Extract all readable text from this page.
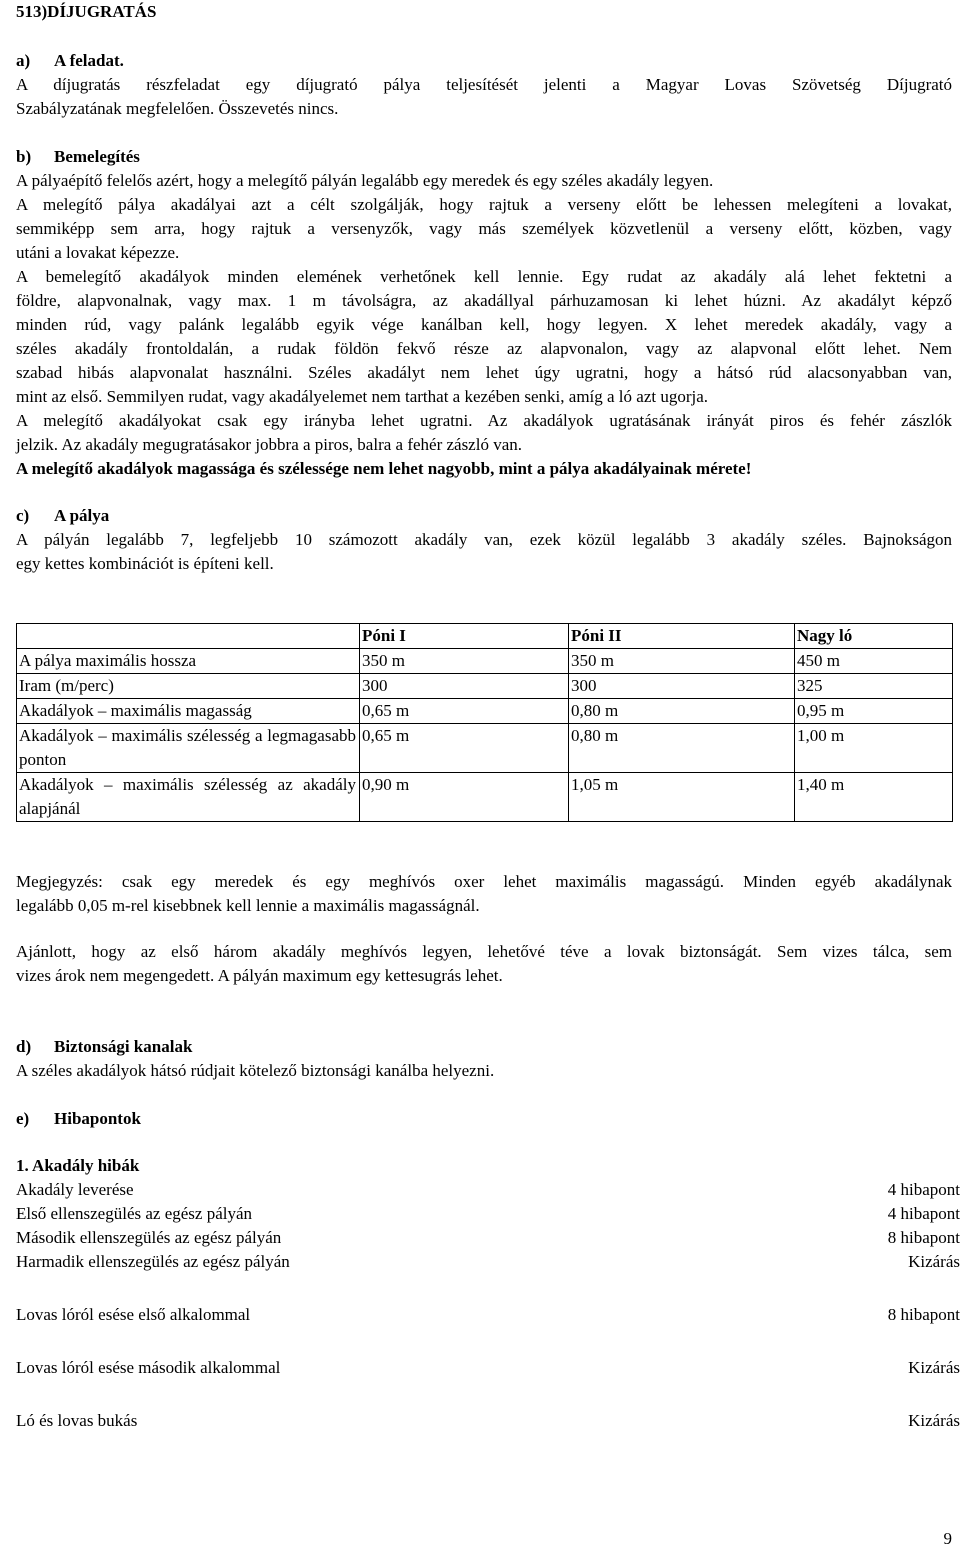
513)DÍJUGRATÁS
a) A feladat.
A díjugratás részfeladat egy díjugrató pálya teljesítését jelenti a Magyar Lovas Szövetség Díjugrató
Szabályzatának megfelelően. Összevetés nincs.
b) Bemelegítés
A pályaépítő felelős azért, hogy a melegítő pályán legalább egy meredek és egy széles akadály legyen.
A melegítő pálya akadályai azt a célt szolgálják, hogy rajtuk a verseny előtt be lehessen melegíteni a lovakat,
semmiképp sem arra, hogy rajtuk a versenyzők, vagy más személyek közvetlenül a verseny előtt, közben, vagy
utáni a lovakat képezze.
A bemelegítő akadályok minden elemének verhetőnek kell lennie. Egy rudat az akadály alá lehet fektetni a
földre, alapvonalnak, vagy max. 1 m távolságra, az akadállyal párhuzamosan ki lehet húzni. Az akadályt képző
minden rúd, vagy palánk legalább egyik vége kanálban kell, hogy legyen. X lehet meredek akadály, vagy a
széles akadály frontoldalán, a rudak földön fekvő része az alapvonalon, vagy az alapvonal előtt lehet. Nem
szabad hibás alapvonalat használni. Széles akadályt nem lehet úgy ugratni, hogy a hátsó rúd alacsonyabban van,
mint az első. Semmilyen rudat, vagy akadályelemet nem tarthat a kezében senki, amíg a ló azt ugorja.
A melegítő akadályokat csak egy irányba lehet ugratni. Az akadályok ugratásának irányát piros és fehér zászlók
jelzik. Az akadály megugratásakor jobbra a piros, balra a fehér zászló van.
A melegítő akadályok magassága és szélessége nem lehet nagyobb, mint a pálya akadályainak mérete!
c) A pálya
A pályán legalább 7, legfeljebb 10 számozott akadály van, ezek közül legalább 3 akadály széles. Bajnokságon
egy kettes kombinációt is építeni kell.
	Póni I	Póni II	Nagy ló
A pálya maximális hossza	350 m	350 m	450 m
Iram (m/perc)	300	300	325
Akadályok – maximális magasság	0,65 m	0,80 m	0,95 m
Akadályok – maximális szélesség a legmagasabb ponton	0,65 m	0,80 m	1,00 m
Akadályok – maximális szélesség az akadály alapjánál	0,90 m	1,05 m	1,40 m
Megjegyzés: csak egy meredek és egy meghívós oxer lehet maximális magasságú. Minden egyéb akadálynak
legalább 0,05 m-rel kisebbnek kell lennie a maximális magasságnál.
Ajánlott, hogy az első három akadály meghívós legyen, lehetővé téve a lovak biztonságát. Sem vizes tálca, sem
vizes árok nem megengedett. A pályán maximum egy kettesugrás lehet.
d) Biztonsági kanalak
A széles akadályok hátsó rúdjait kötelező biztonsági kanálba helyezni.
e) Hibapontok
1. Akadály hibák
Akadály leverése	4 hibapont
Első ellenszegülés az egész pályán	4 hibapont
Második ellenszegülés az egész pályán	8 hibapont
Harmadik ellenszegülés az egész pályán	Kizárás
Lovas lóról esése első alkalommal	8 hibapont
Lovas lóról esése második alkalommal	Kizárás
Ló és lovas bukás	Kizárás
9
